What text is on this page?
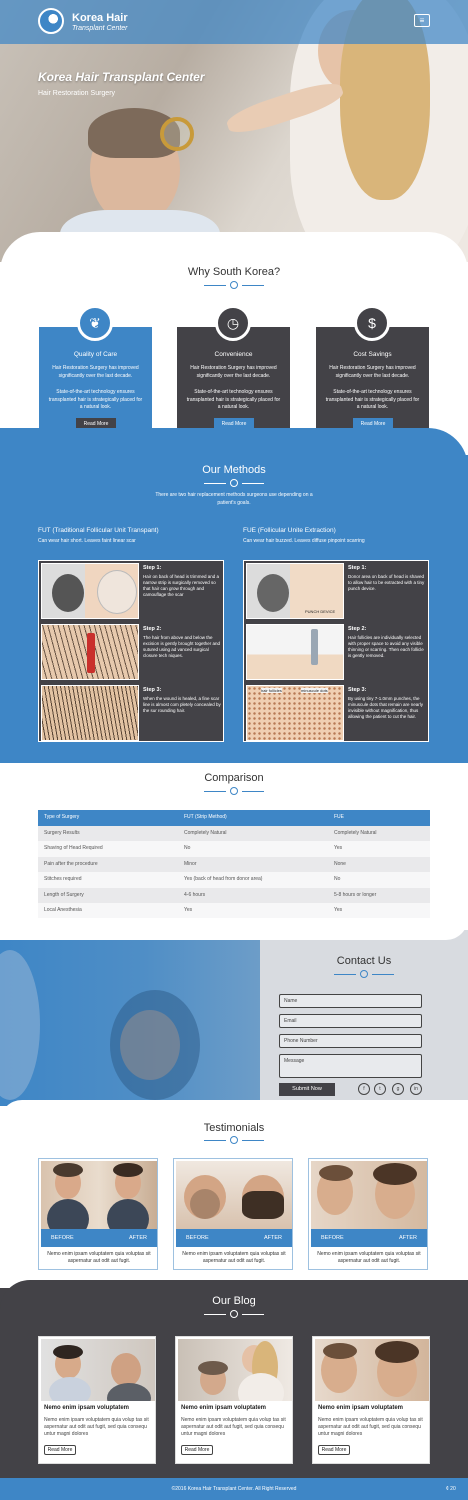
Korea Hair
Transplant Center
≡
Korea Hair Transplant Center
Hair Restoration Surgery
Why South Korea?
❦
Quality of Care
Hair Restoration Surgery has improved significantly over the last decade.
State-of-the-art technology ensures transplanted hair is strategically placed for a natural look.
Read More
◷
Convenience
Hair Restoration Surgery has improved significantly over the last decade.
State-of-the-art technology ensures transplanted hair is strategically placed for a natural look.
Read More
$
Cost Savings
Hair Restoration Surgery has improved significantly over the last decade.
State-of-the-art technology ensures transplanted hair is strategically placed for a natural look.
Read More
Our Methods
There are two hair replacement methods surgeons use depending on a patient's goals.
FUT (Traditional Follicular Unit Transpant)
Can wear hair short. Leaves faint linear scar
FUE (Follicular Unite Extraction)
Can wear hair buzzed. Leaves diffuse pinpoint scarring
Step 1:
Hair on back of head is trimmed and a narrow strip is surgically removed so that hair can grow through and camouflage the scar
Step 2:
The hair from above and below the excision is gently brought together and sutured using ad vanced surgical closure tech niques.
Step 3:
When the wound is healed, a fine scar line is almost com pletely concealed by the sur rounding hair.
PUNCH DEVICE
Step 1:
Donor area on back of head is shaved to allow hair to be extracted with a tiny punch device.
Step 2:
Hair follicles are individually selected with proper space to avoid any visible thinning or scarring. Then each follicle is gently removed.
hair follicles	minuscule dots	Step 3:
By using tiny 7-1.0mm punches, the minuscule dots that remain are nearly invisible without magnification, thus allowing the patient to cut the hair.
Comparison
Type of Surgery	FUT (Strip Method)	FUE
Surgery Results	Completely Natural	Completely Natural
Shaving of Head Required	No	Yes
Pain after the procedure	Minor	None
Stitches required	Yes (back of head from donor area)	No
Length of Surgery	4-6 hours	5-8 hours or longer
Local Anesthesia	Yes	Yes
Contact Us
Name
Email
Phone Number
Message
Submit Now	f	t	g	in
Testimonials
BEFORE	AFTER
Nemo enim ipsam voluptatem quia voluptas sit aspernatur aut odit aut fugit.
BEFORE	AFTER
Nemo enim ipsam voluptatem quia voluptas sit aspernatur aut odit aut fugit.
BEFORE	AFTER
Nemo enim ipsam voluptatem quia voluptas sit aspernatur aut odit aut fugit.
Our Blog
Nemo enim ipsam voluptatem
Nemo enim ipsam voluptatem quia volup tas sit aspernatur aut odit aut fugit, sed quia consequ untur magni dolores
Read More
Nemo enim ipsam voluptatem
Nemo enim ipsam voluptatem quia volup tas sit aspernatur aut odit aut fugit, sed quia consequ untur magni dolores
Read More
Nemo enim ipsam voluptatem
Nemo enim ipsam voluptatem quia volup tas sit aspernatur aut odit aut fugit, sed quia consequ untur magni dolores
Read More
©2016 Korea Hair Transplant Center. All Right Reserved	¢ 20
